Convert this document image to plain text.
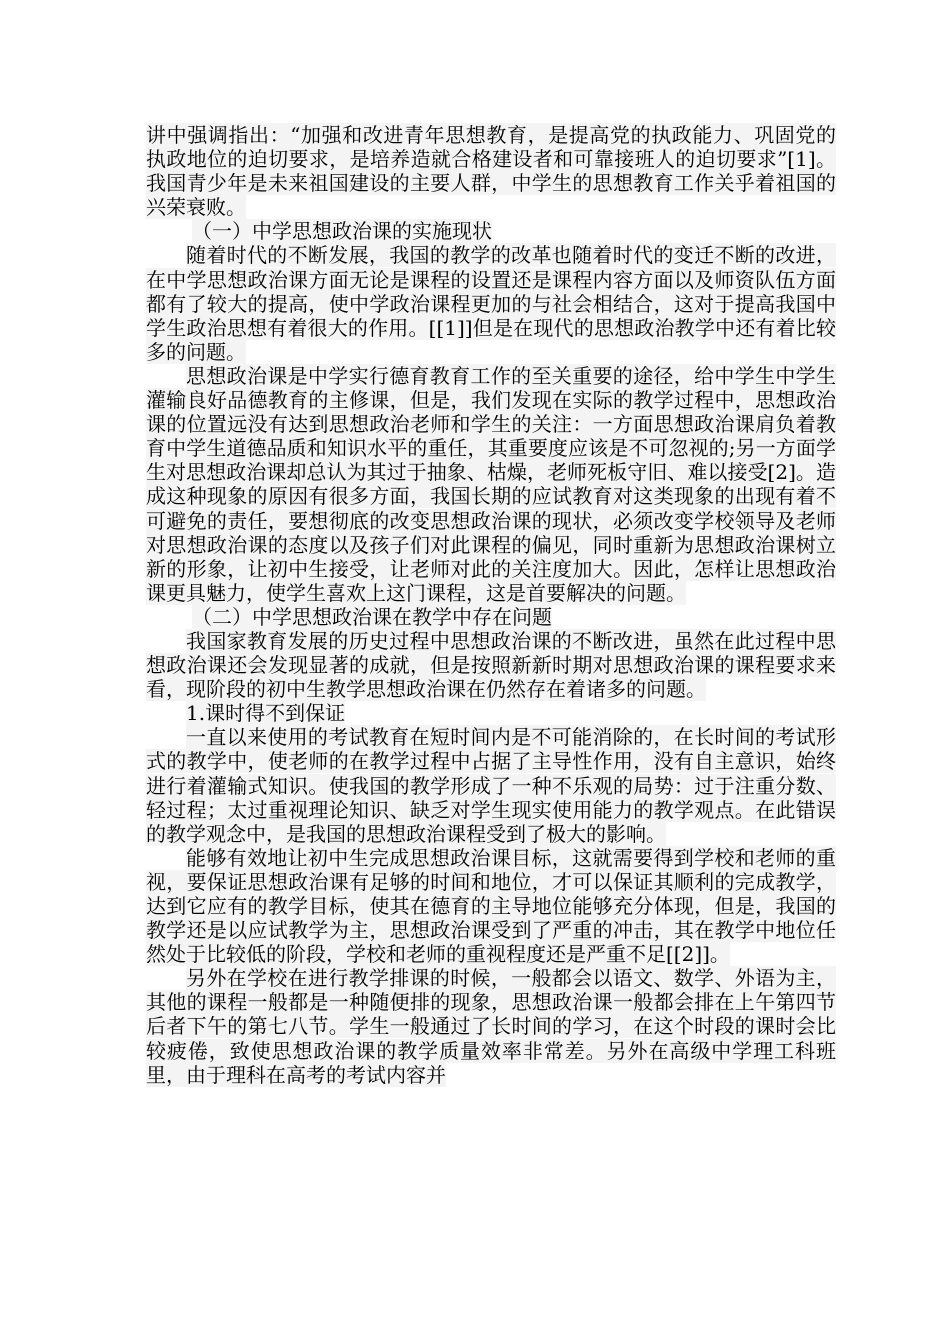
讲中强调指出：“加强和改进青年思想教育，是提高党的执政能力、巩固党的执政地位的迫切要求，是培养造就合格建设者和可靠接班人的迫切要求”[1]。我国青少年是未来祖国建设的主要人群，中学生的思想教育工作关乎着祖国的兴荣衰败。

（一）中学思想政治课的实施现状

随着时代的不断发展，我国的教学的改革也随着时代的变迁不断的改进，在中学思想政治课方面无论是课程的设置还是课程内容方面以及师资队伍方面都有了较大的提高，使中学政治课程更加的与社会相结合，这对于提高我国中学生政治思想有着很大的作用。[[1]]但是在现代的思想政治教学中还有着比较多的问题。

思想政治课是中学实行德育教育工作的至关重要的途径，给中学生中学生灌输良好品德教育的主修课，但是，我们发现在实际的教学过程中，思想政治课的位置远没有达到思想政治老师和学生的关注：一方面思想政治课肩负着教育中学生道德品质和知识水平的重任，其重要度应该是不可忽视的;另一方面学生对思想政治课却总认为其过于抽象、枯燥，老师死板守旧、难以接受[2]。造成这种现象的原因有很多方面，我国长期的应试教育对这类现象的出现有着不可避免的责任，要想彻底的改变思想政治课的现状，必须改变学校领导及老师对思想政治课的态度以及孩子们对此课程的偏见，同时重新为思想政治课树立新的形象，让初中生接受，让老师对此的关注度加大。因此，怎样让思想政治课更具魅力，使学生喜欢上这门课程，这是首要解决的问题。

（二）中学思想政治课在教学中存在问题

我国家教育发展的历史过程中思想政治课的不断改进，虽然在此过程中思想政治课还会发现显著的成就，但是按照新新时期对思想政治课的课程要求来看，现阶段的初中生教学思想政治课在仍然存在着诸多的问题。

1.课时得不到保证

一直以来使用的考试教育在短时间内是不可能消除的，在长时间的考试形式的教学中，使老师的在教学过程中占据了主导性作用，没有自主意识，始终进行着灌输式知识。使我国的教学形成了一种不乐观的局势：过于注重分数、轻过程；太过重视理论知识、缺乏对学生现实使用能力的教学观点。在此错误的教学观念中，是我国的思想政治课程受到了极大的影响。

能够有效地让初中生完成思想政治课目标，这就需要得到学校和老师的重视，要保证思想政治课有足够的时间和地位，才可以保证其顺利的完成教学，达到它应有的教学目标，使其在德育的主导地位能够充分体现，但是，我国的教学还是以应试教学为主，思想政治课受到了严重的冲击，其在教学中地位任然处于比较低的阶段，学校和老师的重视程度还是严重不足[[2]]。

另外在学校在进行教学排课的时候，一般都会以语文、数学、外语为主，其他的课程一般都是一种随便排的现象，思想政治课一般都会排在上午第四节后者下午的第七八节。学生一般通过了长时间的学习，在这个时段的课时会比较疲倦，致使思想政治课的教学质量效率非常差。另外在高级中学理工科班里，由于理科在高考的考试内容并
